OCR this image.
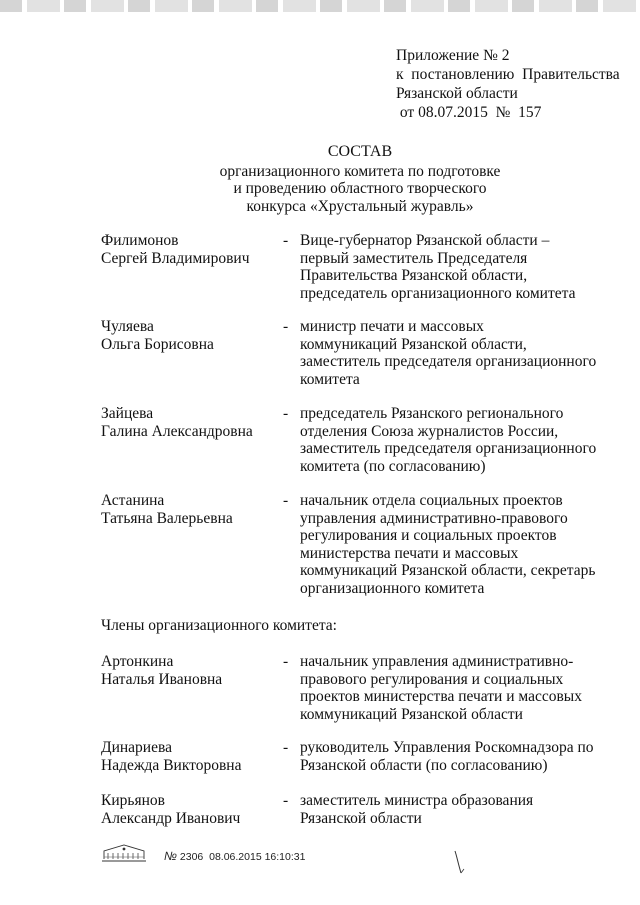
Приложение № 2
к  постановлению  Правительства
Рязанской области
от 08.07.2015  №  157
СОСТАВ
организационного комитета по подготовке
и проведению областного творческого
конкурса «Хрустальный журавль»
Филимонов
Сергей Владимирович
- Вице-губернатор Рязанской области –
первый заместитель Председателя
Правительства Рязанской области,
председатель организационного комитета
Чуляева
Ольга Борисовна
- министр печати и массовых
коммуникаций Рязанской области,
заместитель председателя организационного
комитета
Зайцева
Галина Александровна
- председатель Рязанского регионального
отделения Союза журналистов России,
заместитель председателя организационного
комитета (по согласованию)
Астанина
Татьяна Валерьевна
- начальник отдела социальных проектов
управления административно-правового
регулирования и социальных проектов
министерства печати и массовых
коммуникаций Рязанской области, секретарь
организационного комитета
Члены организационного комитета:
Артонкина
Наталья Ивановна
- начальник управления административно-
правового регулирования и социальных
проектов министерства печати и массовых
коммуникаций Рязанской области
Динариева
Надежда Викторовна
- руководитель Управления Роскомнадзора по
Рязанской области (по согласованию)
Кирьянов
Александр Иванович
- заместитель министра образования
Рязанской области
№ 2306  08.06.2015 16:10:31
